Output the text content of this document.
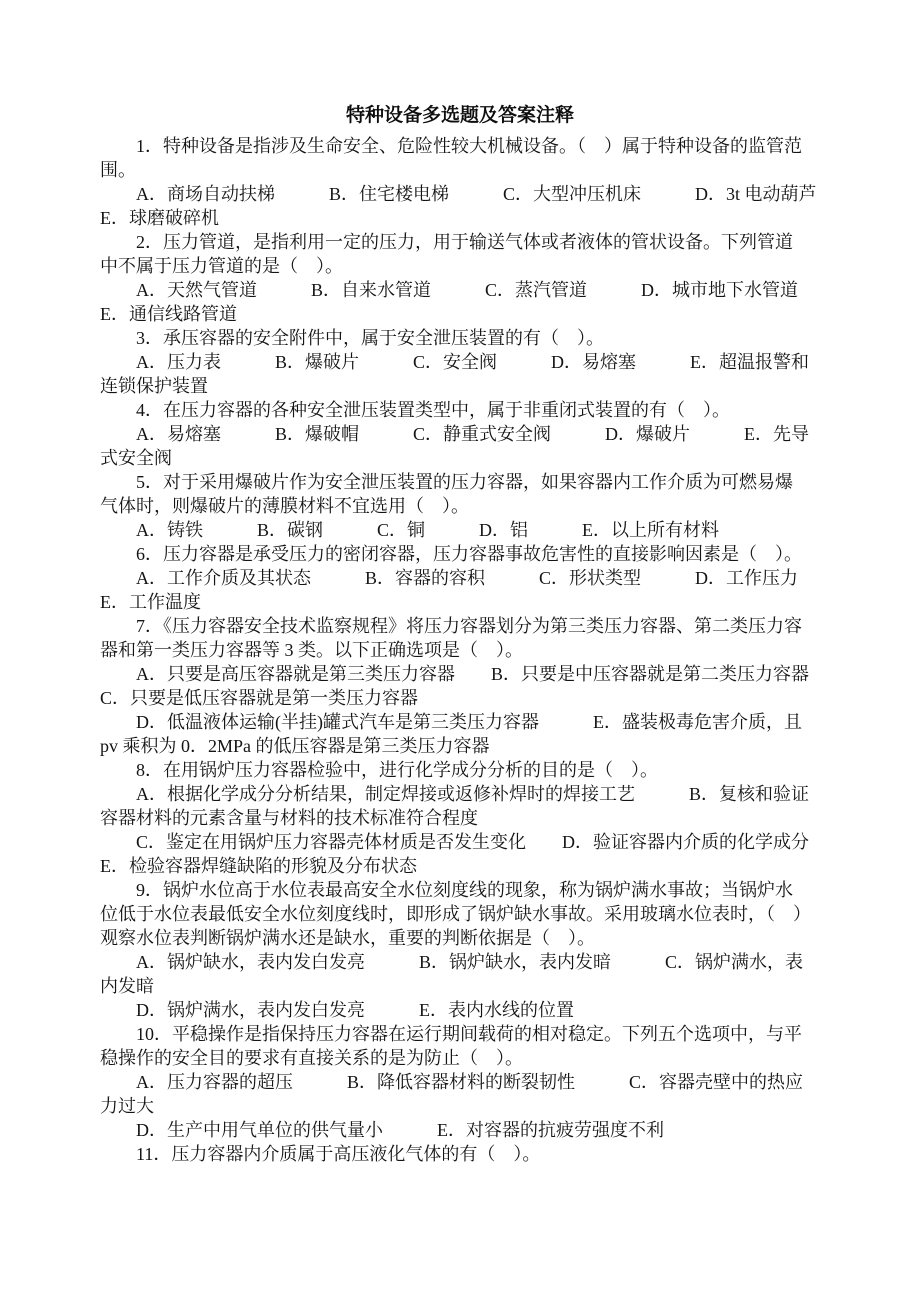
特种设备多选题及答案注释
　　1．特种设备是指涉及生命安全、危险性较大机械设备。（　）属于特种设备的监管范
围。
　　A．商场自动扶梯　　　B．住宅楼电梯　　　C．大型冲压机床　　　D．3t 电动葫芦
E．球磨破碎机
　　2．压力管道，是指利用一定的压力，用于输送气体或者液体的管状设备。下列管道
中不属于压力管道的是（　）。
　　A．天然气管道　　　B．自来水管道　　　C．蒸汽管道　　　D．城市地下水管道
E．通信线路管道
　　3．承压容器的安全附件中，属于安全泄压装置的有（　）。
　　A．压力表　　　B．爆破片　　　C．安全阀　　　D．易熔塞　　　E．超温报警和
连锁保护装置
　　4．在压力容器的各种安全泄压装置类型中，属于非重闭式装置的有（　）。
　　A．易熔塞　　　B．爆破帽　　　C．静重式安全阀　　　D．爆破片　　　E．先导
式安全阀
　　5．对于采用爆破片作为安全泄压装置的压力容器，如果容器内工作介质为可燃易爆
气体时，则爆破片的薄膜材料不宜选用（　）。
　　A．铸铁　　　B．碳钢　　　C．铜　　　D．铝　　　E．以上所有材料
　　6．压力容器是承受压力的密闭容器，压力容器事故危害性的直接影响因素是（　）。
　　A．工作介质及其状态　　　B．容器的容积　　　C．形状类型　　　D．工作压力
E．工作温度
　　7．《压力容器安全技术监察规程》将压力容器划分为第三类压力容器、第二类压力容
器和第一类压力容器等 3 类。以下正确选项是（　）。
　　A．只要是高压容器就是第三类压力容器　　B．只要是中压容器就是第二类压力容器
C．只要是低压容器就是第一类压力容器
　　D．低温液体运输(半挂)罐式汽车是第三类压力容器　　　E．盛装极毒危害介质，且
pv 乘积为 0．2MPa 的低压容器是第三类压力容器
　　8．在用锅炉压力容器检验中，进行化学成分分析的目的是（　）。
　　A．根据化学成分分析结果，制定焊接或返修补焊时的焊接工艺　　　B．复核和验证
容器材料的元素含量与材料的技术标准符合程度
　　C．鉴定在用锅炉压力容器壳体材质是否发生变化　　D．验证容器内介质的化学成分
E．检验容器焊缝缺陷的形貌及分布状态
　　9．锅炉水位高于水位表最高安全水位刻度线的现象，称为锅炉满水事故；当锅炉水
位低于水位表最低安全水位刻度线时，即形成了锅炉缺水事故。采用玻璃水位表时，（　）
观察水位表判断锅炉满水还是缺水，重要的判断依据是（　）。
　　A．锅炉缺水，表内发白发亮　　　B．锅炉缺水，表内发暗　　　C．锅炉满水，表
内发暗
　　D．锅炉满水，表内发白发亮　　　E．表内水线的位置
　　10．平稳操作是指保持压力容器在运行期间载荷的相对稳定。下列五个选项中，与平
稳操作的安全目的要求有直接关系的是为防止（　）。
　　A．压力容器的超压　　　B．降低容器材料的断裂韧性　　　C．容器壳壁中的热应
力过大
　　D．生产中用气单位的供气量小　　　E．对容器的抗疲劳强度不利
　　11．压力容器内介质属于高压液化气体的有（　）。
